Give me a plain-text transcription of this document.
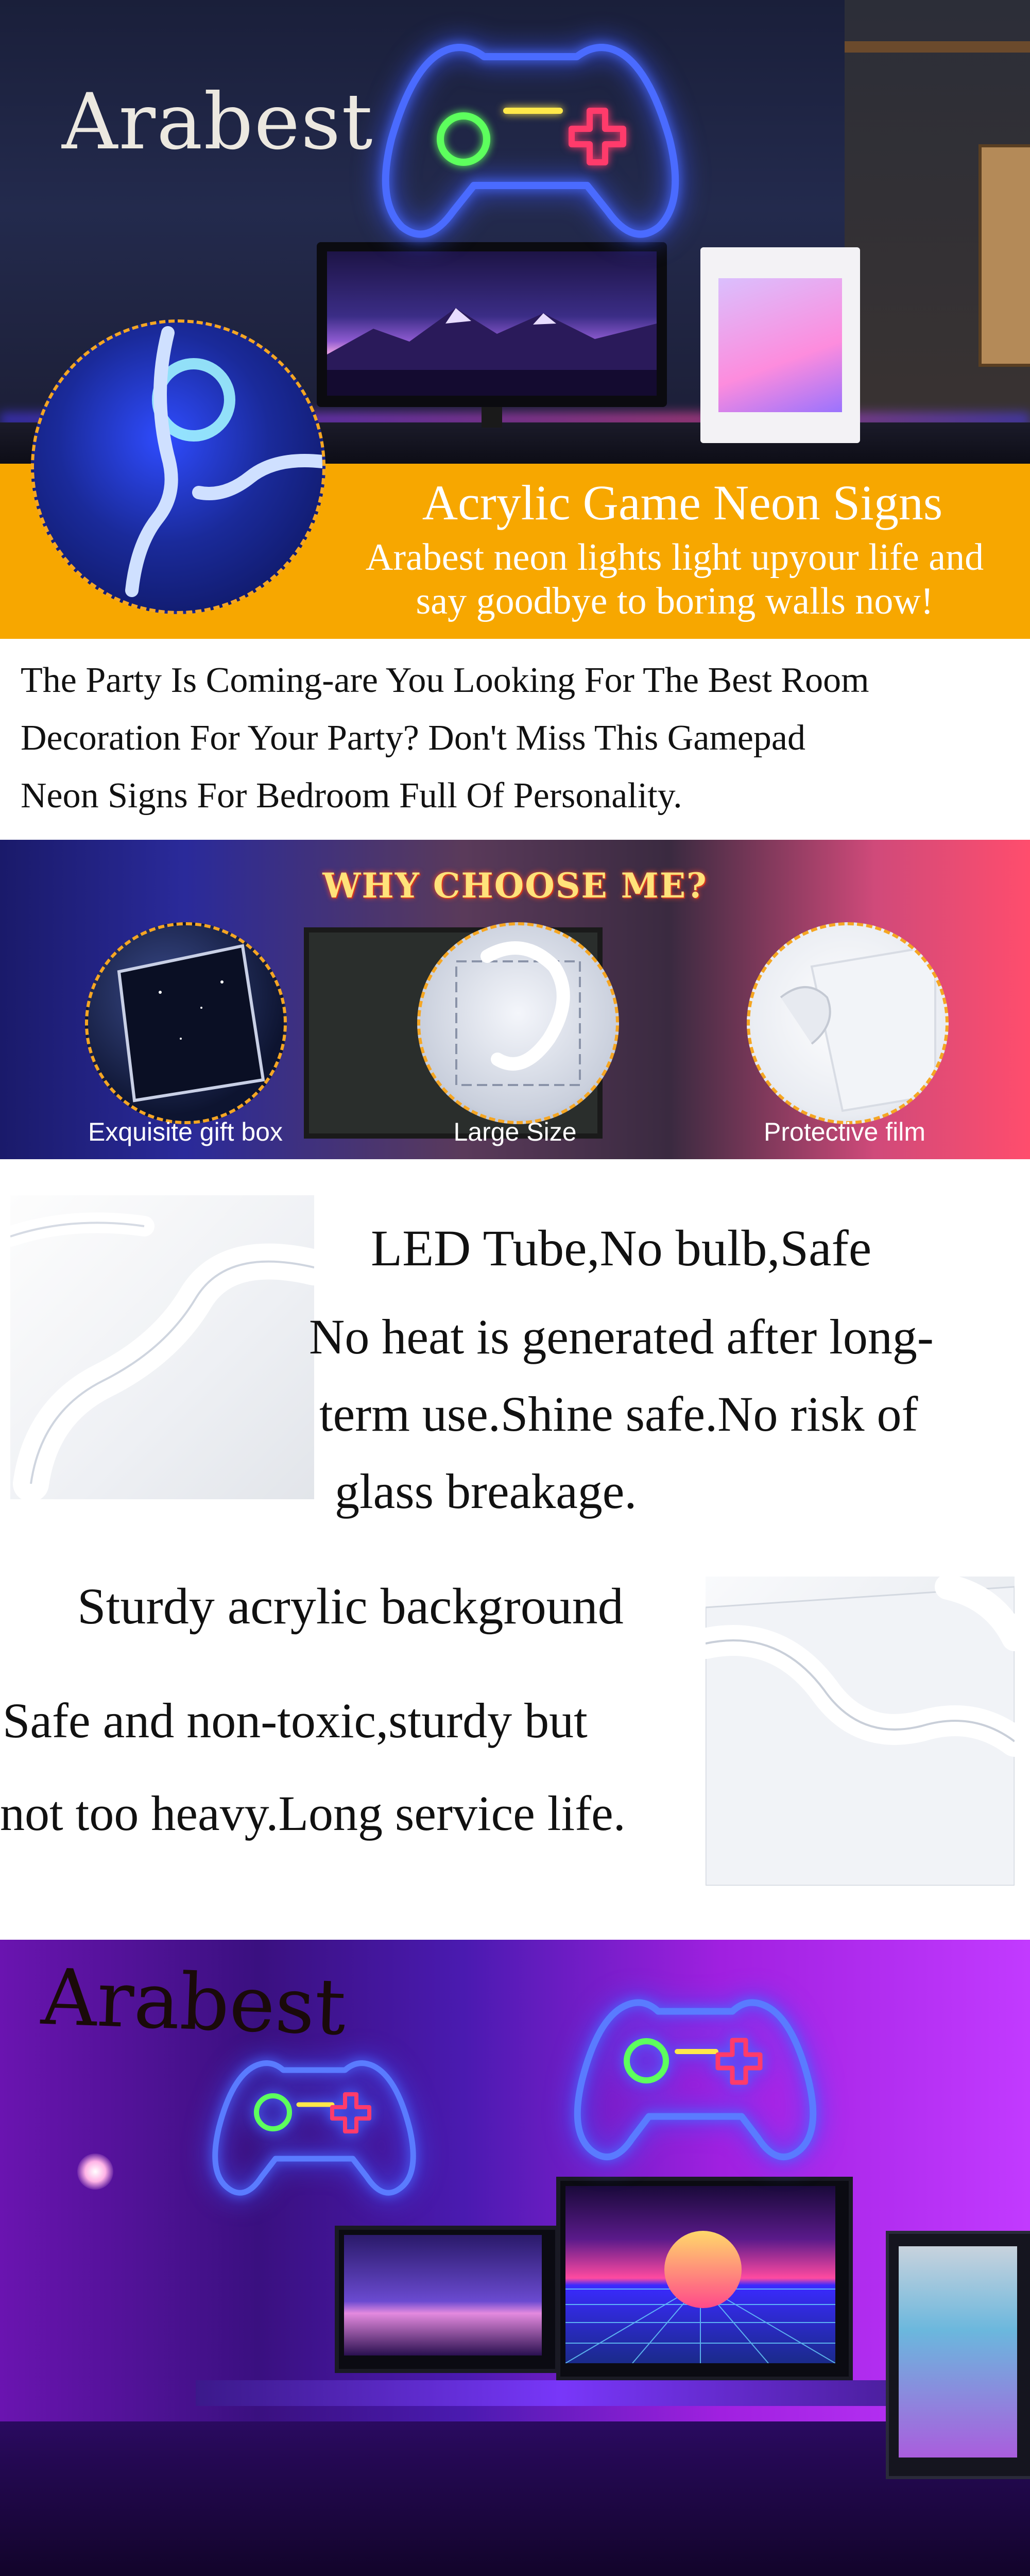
Arabest
Acrylic Game Neon Signs
Arabest neon lights light upyour life and
say goodbye to boring walls now!
The Party Is Coming-are You Looking For The Best Room
Decoration For Your Party? Don't Miss This Gamepad
Neon Signs For Bedroom Full Of Personality.
WHY CHOOSE ME?
Exquisite gift box	Large Size	Protective film
LED Tube,No bulb,Safe
No heat is generated after long-
term use.Shine safe.No risk of
glass breakage.
Sturdy acrylic background
Safe and non-toxic,sturdy but
not too heavy.Long service life.
Arabest
